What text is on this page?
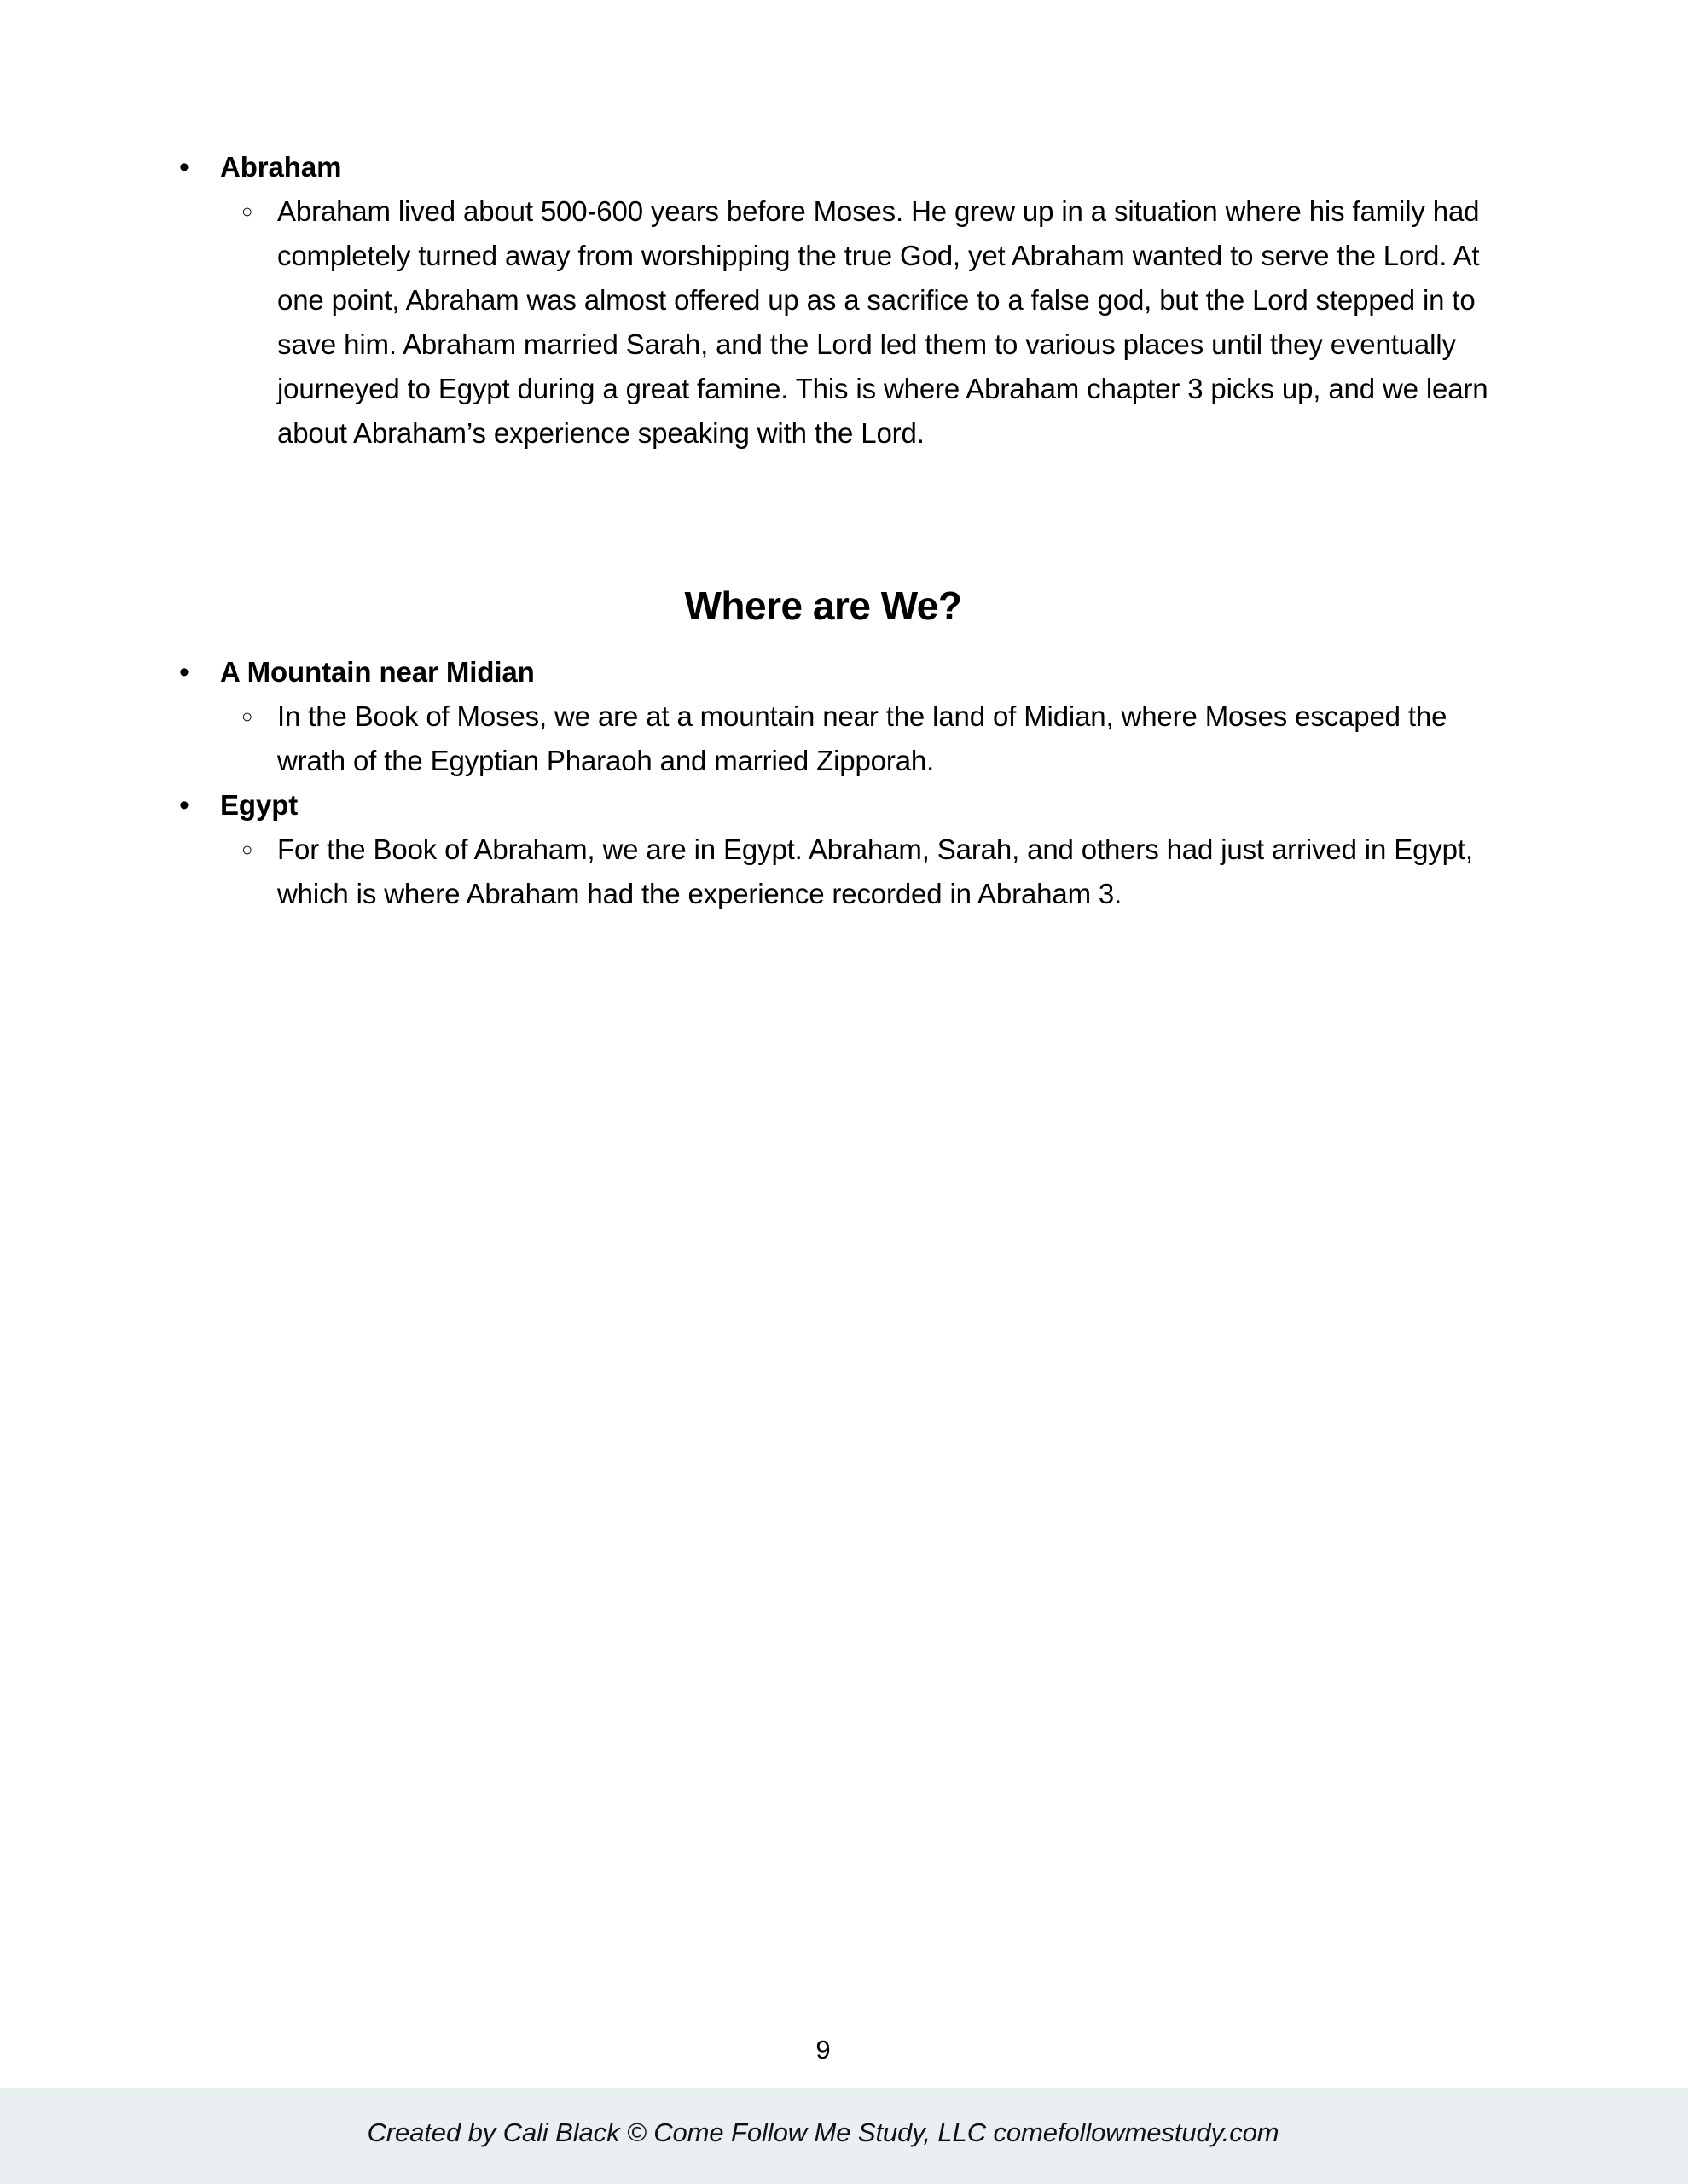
• Abraham
○ Abraham lived about 500-600 years before Moses. He grew up in a situation where his family had completely turned away from worshipping the true God, yet Abraham wanted to serve the Lord. At one point, Abraham was almost offered up as a sacrifice to a false god, but the Lord stepped in to save him. Abraham married Sarah, and the Lord led them to various places until they eventually journeyed to Egypt during a great famine. This is where Abraham chapter 3 picks up, and we learn about Abraham’s experience speaking with the Lord.
Where are We?
• A Mountain near Midian
○ In the Book of Moses, we are at a mountain near the land of Midian, where Moses escaped the wrath of the Egyptian Pharaoh and married Zipporah.
• Egypt
○ For the Book of Abraham, we are in Egypt. Abraham, Sarah, and others had just arrived in Egypt, which is where Abraham had the experience recorded in Abraham 3.
9
Created by Cali Black © Come Follow Me Study, LLC comefollowmestudy.com
